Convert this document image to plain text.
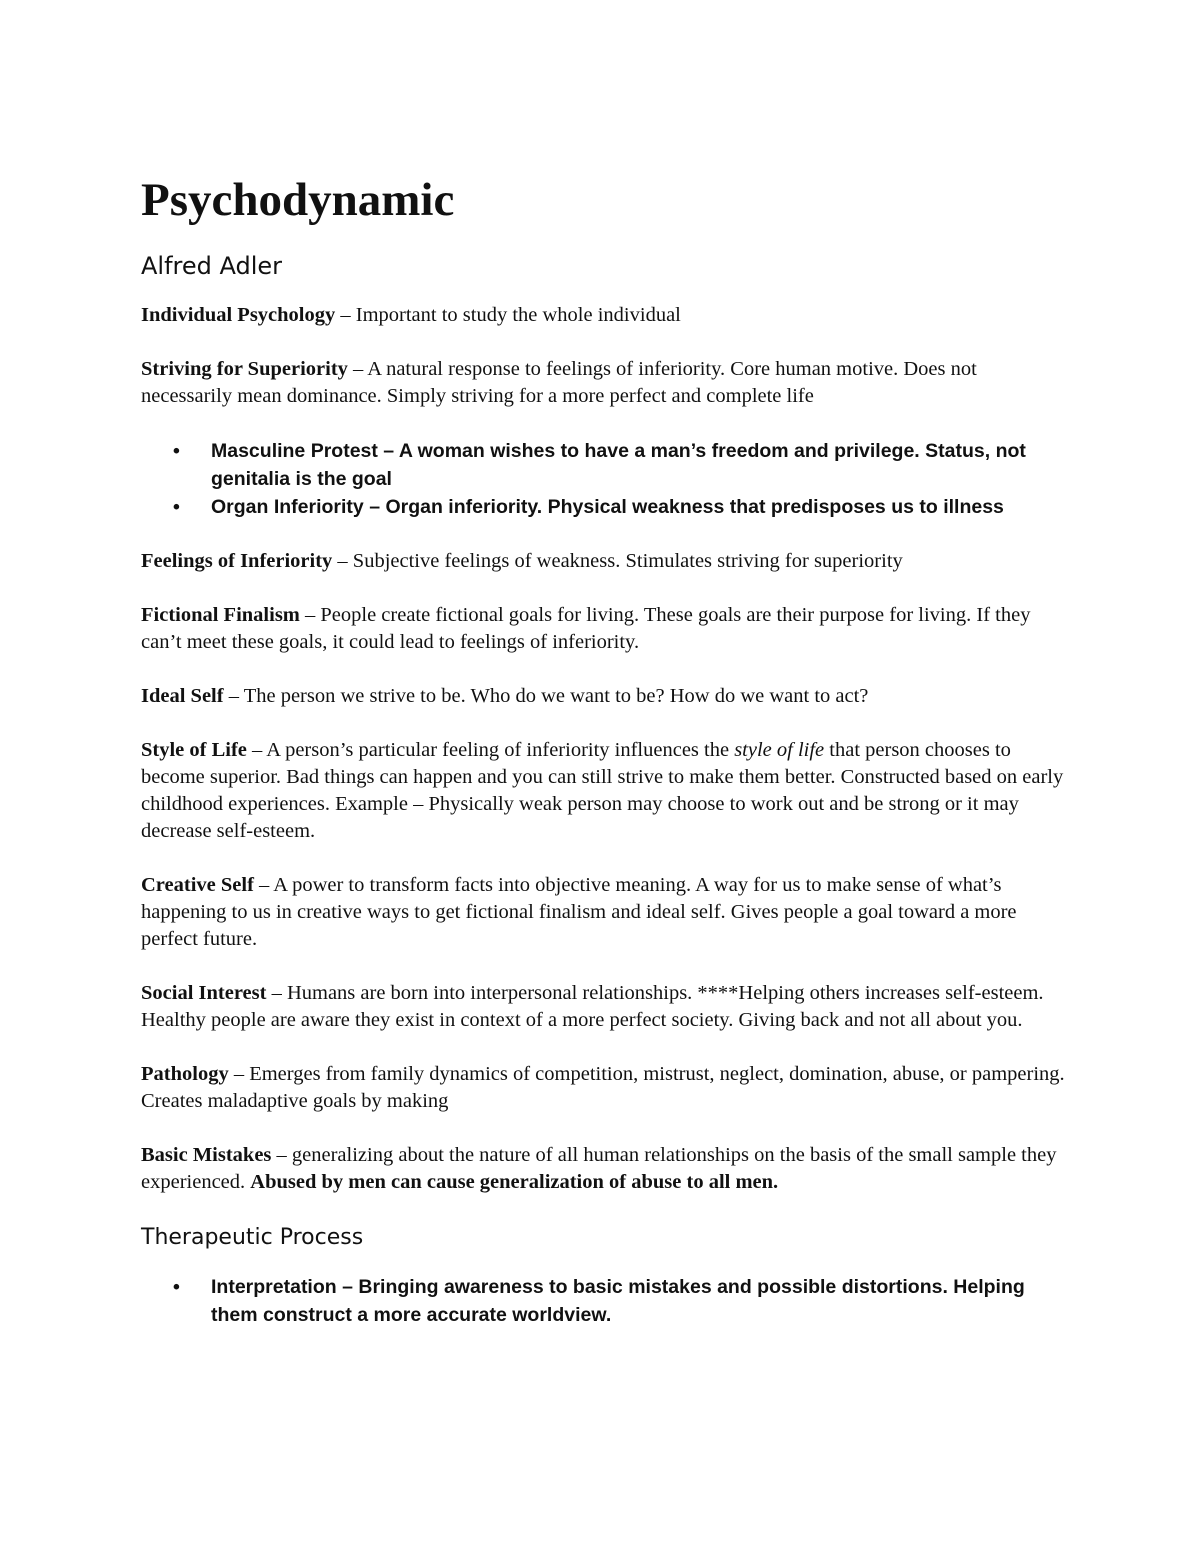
Psychodynamic
Alfred Adler

Individual Psychology – Important to study the whole individual

Striving for Superiority – A natural response to feelings of inferiority. Core human motive. Does not necessarily mean dominance. Simply striving for a more perfect and complete life

• Masculine Protest – A woman wishes to have a man’s freedom and privilege. Status, not genitalia is the goal
• Organ Inferiority – Organ inferiority. Physical weakness that predisposes us to illness

Feelings of Inferiority – Subjective feelings of weakness. Stimulates striving for superiority

Fictional Finalism – People create fictional goals for living. These goals are their purpose for living. If they can’t meet these goals, it could lead to feelings of inferiority.

Ideal Self – The person we strive to be. Who do we want to be? How do we want to act?

Style of Life – A person’s particular feeling of inferiority influences the style of life that person chooses to become superior. Bad things can happen and you can still strive to make them better. Constructed based on early childhood experiences. Example – Physically weak person may choose to work out and be strong or it may decrease self-esteem.

Creative Self – A power to transform facts into objective meaning. A way for us to make sense of what’s happening to us in creative ways to get fictional finalism and ideal self. Gives people a goal toward a more perfect future.

Social Interest – Humans are born into interpersonal relationships. ****Helping others increases self-esteem. Healthy people are aware they exist in context of a more perfect society. Giving back and not all about you.

Pathology – Emerges from family dynamics of competition, mistrust, neglect, domination, abuse, or pampering. Creates maladaptive goals by making

Basic Mistakes – generalizing about the nature of all human relationships on the basis of the small sample they experienced. Abused by men can cause generalization of abuse to all men.

Therapeutic Process
• Interpretation – Bringing awareness to basic mistakes and possible distortions. Helping them construct a more accurate worldview.
